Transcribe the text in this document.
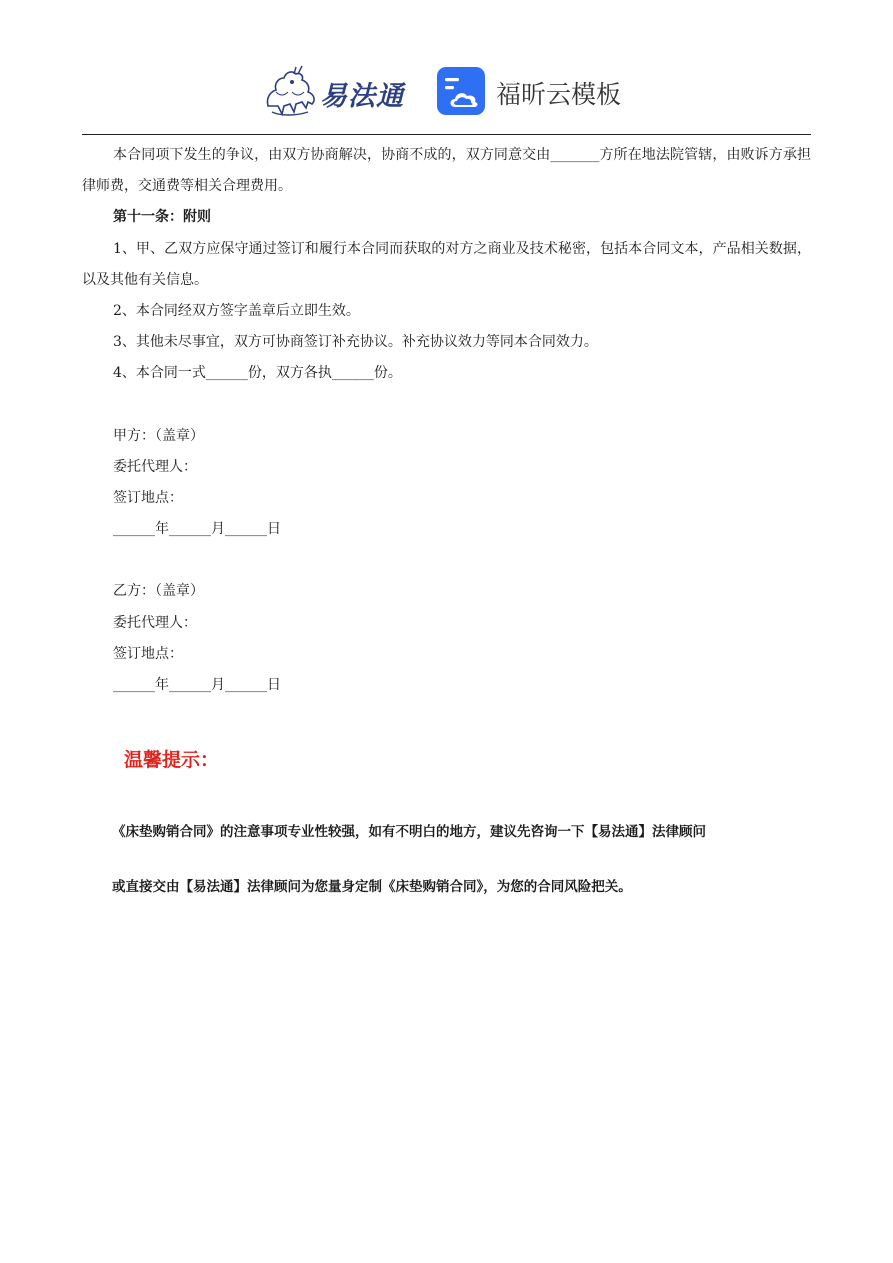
易法通	福昕云模板

本合同项下发生的争议，由双方协商解决，协商不成的，双方同意交由_______方所在地法院管辖，由败诉方承担律师费，交通费等相关合理费用。

第十一条：附则

1、甲、乙双方应保守通过签订和履行本合同而获取的对方之商业及技术秘密，包括本合同文本，产品相关数据，以及其他有关信息。

2、本合同经双方签字盖章后立即生效。

3、其他未尽事宜，双方可协商签订补充协议。补充协议效力等同本合同效力。

4、本合同一式______份，双方各执______份。

甲方：（盖章）

委托代理人：

签订地点：

______年______月______日

乙方：（盖章）

委托代理人：

签订地点：

______年______月______日

温馨提示：

《床垫购销合同》的注意事项专业性较强，如有不明白的地方，建议先咨询一下【易法通】法律顾问

或直接交由【易法通】法律顾问为您量身定制《床垫购销合同》，为您的合同风险把关。
